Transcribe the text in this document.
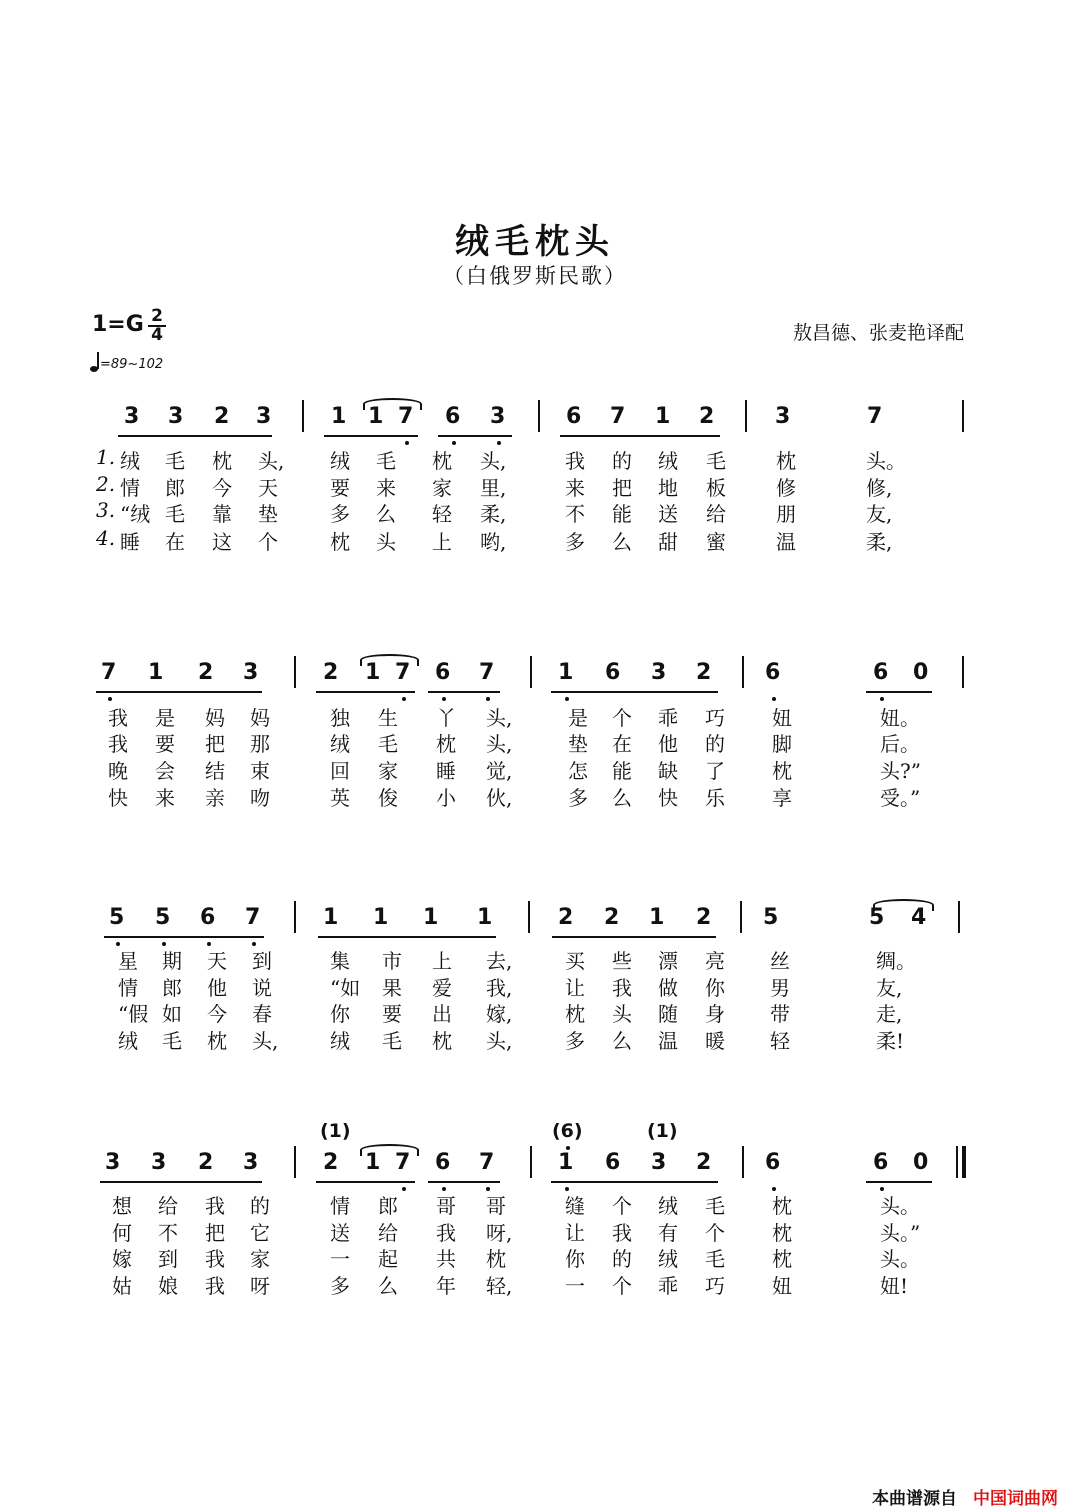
绒毛枕头
（白俄罗斯民歌）
1=G 2
4
=89~102
敖昌德、张麦艳译配
本曲谱源自 中国词曲网
3 3 2 3	1 1 7 6 3	6 7 1 2	3	7
1. 绒 毛 枕 头, 绒 毛 枕 头,	我 的 绒 毛	枕	头。
2. 情 郎 今 天	要 来 家 里,	来 把 地 板	修	修,
3. “绒 毛 靠 垫	多 么 轻 柔,	不 能 送 给	朋	友,
4. 睡 在 这 个	枕 头 上 哟,	多 么 甜 蜜	温	柔,
7 1 2 3	2 1 7 6 7	1 6 3 2 6	6 0
我 是 妈 妈	独 生 丫 头,	是 个 乖 巧 妞	妞。
我 要 把 那	绒 毛 枕 头,	垫 在 他 的 脚	后。
晚 会 结 束	回 家 睡 觉,	怎 能 缺 了 枕	头?”
快 来 亲 吻	英 俊 小 伙,	多 么 快 乐 享	受。”
5 5 6 7	1 1 1 1	2 2 1 2 5	5 4
星 期 天 到	集 市 上 去,	买 些 漂 亮 丝	绸。
情 郎 他 说	“如 果 爱 我,	让 我 做 你 男	友,
“假 如 今 春	你 要 出 嫁,	枕 头 随 身 带	走,
绒 毛 枕 头,	绒 毛 枕 头,	多 么 温 暖 轻	柔!
3 3 2 3	2 1 7 6 7	1 6 3 2 6	6 0
(1)	(6)	(1)
想 给 我 的	情 郎 哥 哥	缝 个 绒 毛 枕	头。
何 不 把 它	送 给 我 呀,	让 我 有 个 枕	头。”
嫁 到 我 家	一 起 共 枕	你 的 绒 毛 枕	头。
姑 娘 我 呀	多 么 年 轻,	一 个 乖 巧 妞	妞!
